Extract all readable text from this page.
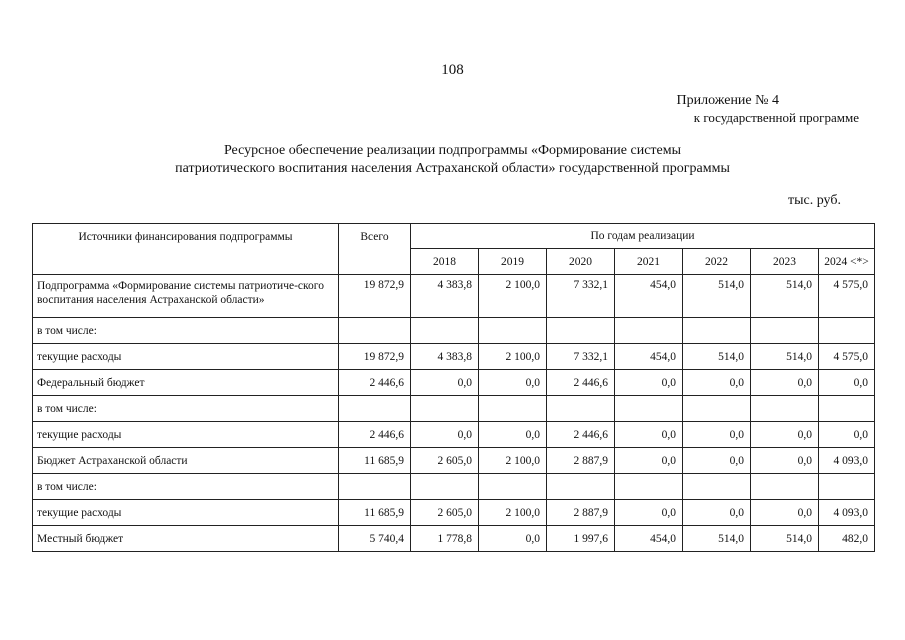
108
Приложение № 4
к государственной программе
Ресурсное обеспечение реализации подпрограммы «Формирование системы
патриотического воспитания населения Астраханской области» государственной программы
тыс. руб.
Источники финансирования подпрограммы	Всего	По годам реализации						
		2018	2019	2020	2021	2022	2023	2024 <*>
Подпрограмма «Формирование системы патриотиче-ского воспитания населения Астраханской области»	19 872,9	4 383,8	2 100,0	7 332,1	454,0	514,0	514,0	4 575,0
в том числе:								
текущие расходы	19 872,9	4 383,8	2 100,0	7 332,1	454,0	514,0	514,0	4 575,0
Федеральный бюджет	2 446,6	0,0	0,0	2 446,6	0,0	0,0	0,0	0,0
в том числе:								
текущие расходы	2 446,6	0,0	0,0	2 446,6	0,0	0,0	0,0	0,0
Бюджет Астраханской области	11 685,9	2 605,0	2 100,0	2 887,9	0,0	0,0	0,0	4 093,0
в том числе:								
текущие расходы	11 685,9	2 605,0	2 100,0	2 887,9	0,0	0,0	0,0	4 093,0
Местный бюджет	5 740,4	1 778,8	0,0	1 997,6	454,0	514,0	514,0	482,0
